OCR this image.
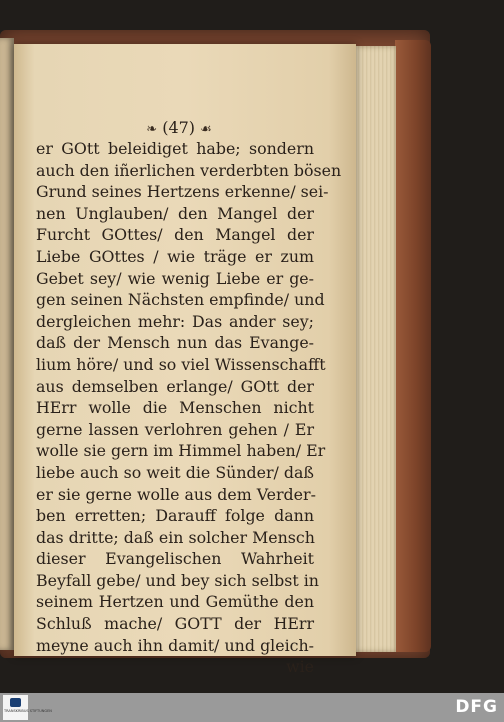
❧ (47) ☙
er GOtt beleidiget habe; sondern
auch den iñerlichen verderbten bösen
Grund seines Hertzens erkenne/ sei-
nen Unglauben/ den Mangel der
Furcht GOttes/ den Mangel der
Liebe GOttes / wie träge er zum
Gebet sey/ wie wenig Liebe er ge-
gen seinen Nächsten empfinde/ und
dergleichen mehr: Das ander sey;
daß der Mensch nun das Evange-
lium höre/ und so viel Wissenschafft
aus demselben erlange/ GOtt der
HErr wolle die Menschen nicht
gerne lassen verlohren gehen / Er
wolle sie gern im Himmel haben/ Er
liebe auch so weit die Sünder/ daß
er sie gerne wolle aus dem Verder-
ben erretten; Darauff folge dann
das dritte; daß ein solcher Mensch
dieser Evangelischen Wahrheit
Beyfall gebe/ und bey sich selbst in
seinem Hertzen und Gemüthe den
Schluß mache/ GOTT der HErr
meyne auch ihn damit/ und gleich-
wie
TRANSKRIBUS STIFTUNGEN	DFG
